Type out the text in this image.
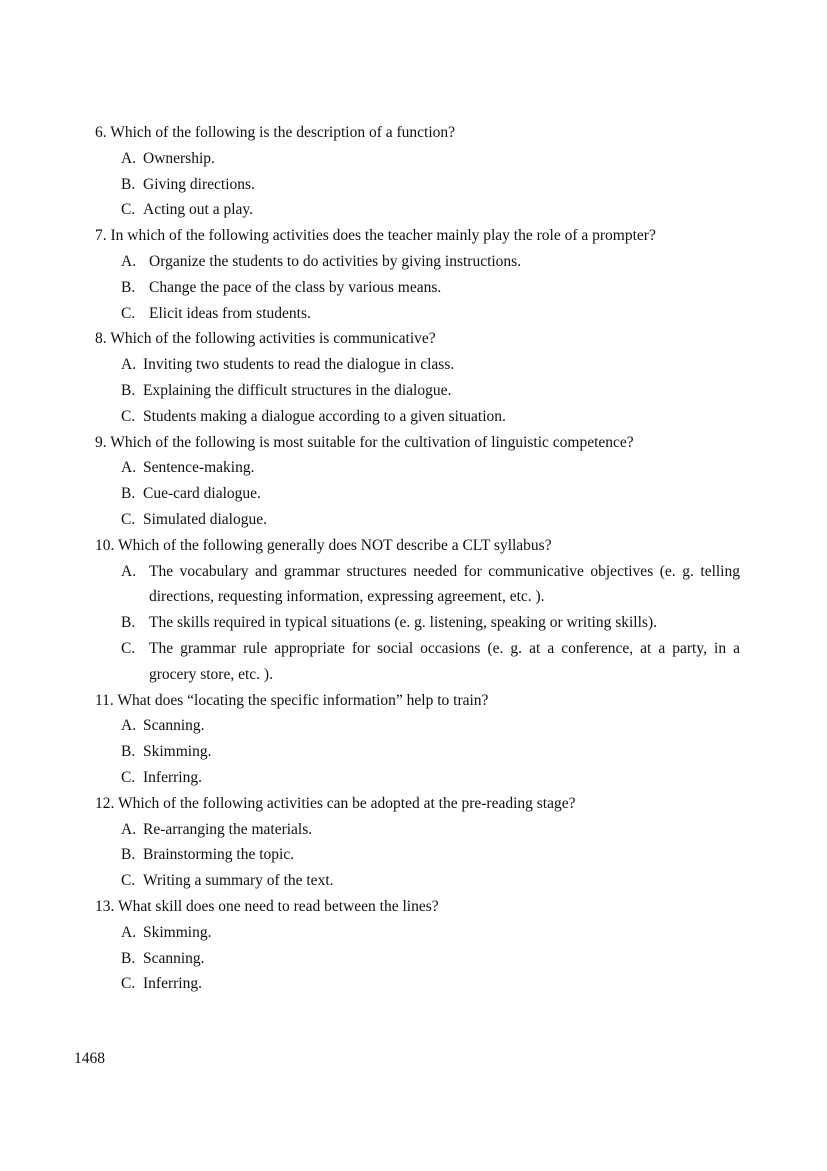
6. Which of the following is the description of a function?

A. Ownership.
B. Giving directions.
C. Acting out a play.

7. In which of the following activities does the teacher mainly play the role of a prompter?

A. Organize the students to do activities by giving instructions.
B. Change the pace of the class by various means.
C. Elicit ideas from students.

8. Which of the following activities is communicative?

A. Inviting two students to read the dialogue in class.
B. Explaining the difficult structures in the dialogue.
C. Students making a dialogue according to a given situation.

9. Which of the following is most suitable for the cultivation of linguistic competence?

A. Sentence-making.
B. Cue-card dialogue.
C. Simulated dialogue.

10. Which of the following generally does NOT describe a CLT syllabus?

A. The vocabulary and grammar structures needed for communicative objectives (e. g. telling directions, requesting information, expressing agreement, etc. ).
B. The skills required in typical situations (e. g. listening, speaking or writing skills).
C. The grammar rule appropriate for social occasions (e. g. at a conference, at a party, in a grocery store, etc. ).

11. What does “locating the specific information” help to train?

A. Scanning.
B. Skimming.
C. Inferring.

12. Which of the following activities can be adopted at the pre-reading stage?

A. Re-arranging the materials.
B. Brainstorming the topic.
C. Writing a summary of the text.

13. What skill does one need to read between the lines?

A. Skimming.
B. Scanning.
C. Inferring.
1468
